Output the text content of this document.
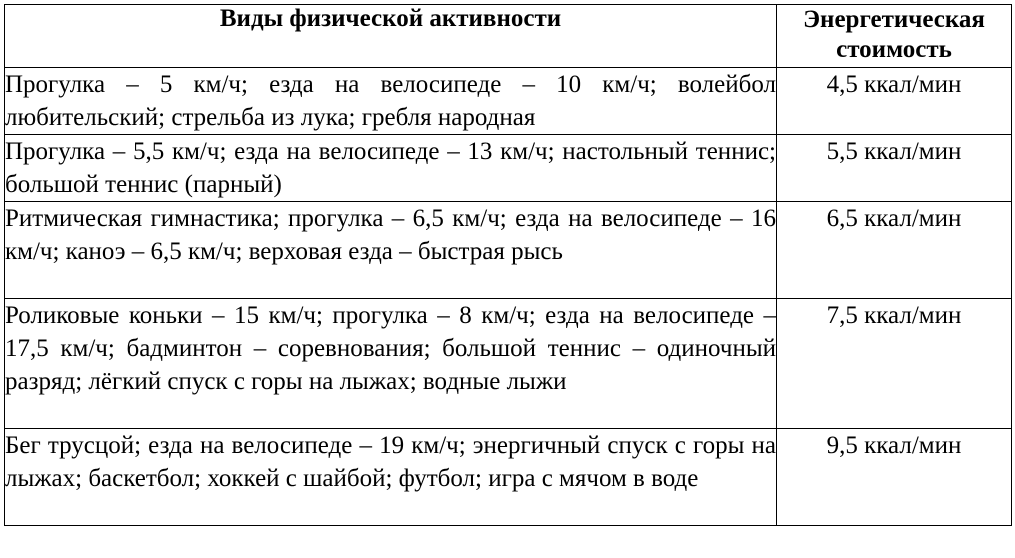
Виды физической активности	Энергетическая стоимость
Прогулка – 5 км/ч; езда на велосипеде – 10 км/ч; волейбол любительский; стрельба из лука; гребля народная	4,5 ккал/мин
Прогулка – 5,5 км/ч; езда на велосипеде – 13 км/ч; настольный теннис; большой теннис (парный)	5,5 ккал/мин
Ритмическая гимнастика; прогулка – 6,5 км/ч; езда на велосипеде – 16 км/ч; каноэ – 6,5 км/ч; верховая езда – быстрая рысь	6,5 ккал/мин
Роликовые коньки – 15 км/ч; прогулка – 8 км/ч; езда на велосипеде – 17,5 км/ч; бадминтон – соревнования; большой теннис – одиночный разряд; лёгкий спуск с горы на лыжах; водные лыжи	7,5 ккал/мин
Бег трусцой; езда на велосипеде – 19 км/ч; энергичный спуск с горы на лыжах; баскетбол; хоккей с шайбой; футбол; игра с мячом в воде	9,5 ккал/мин
